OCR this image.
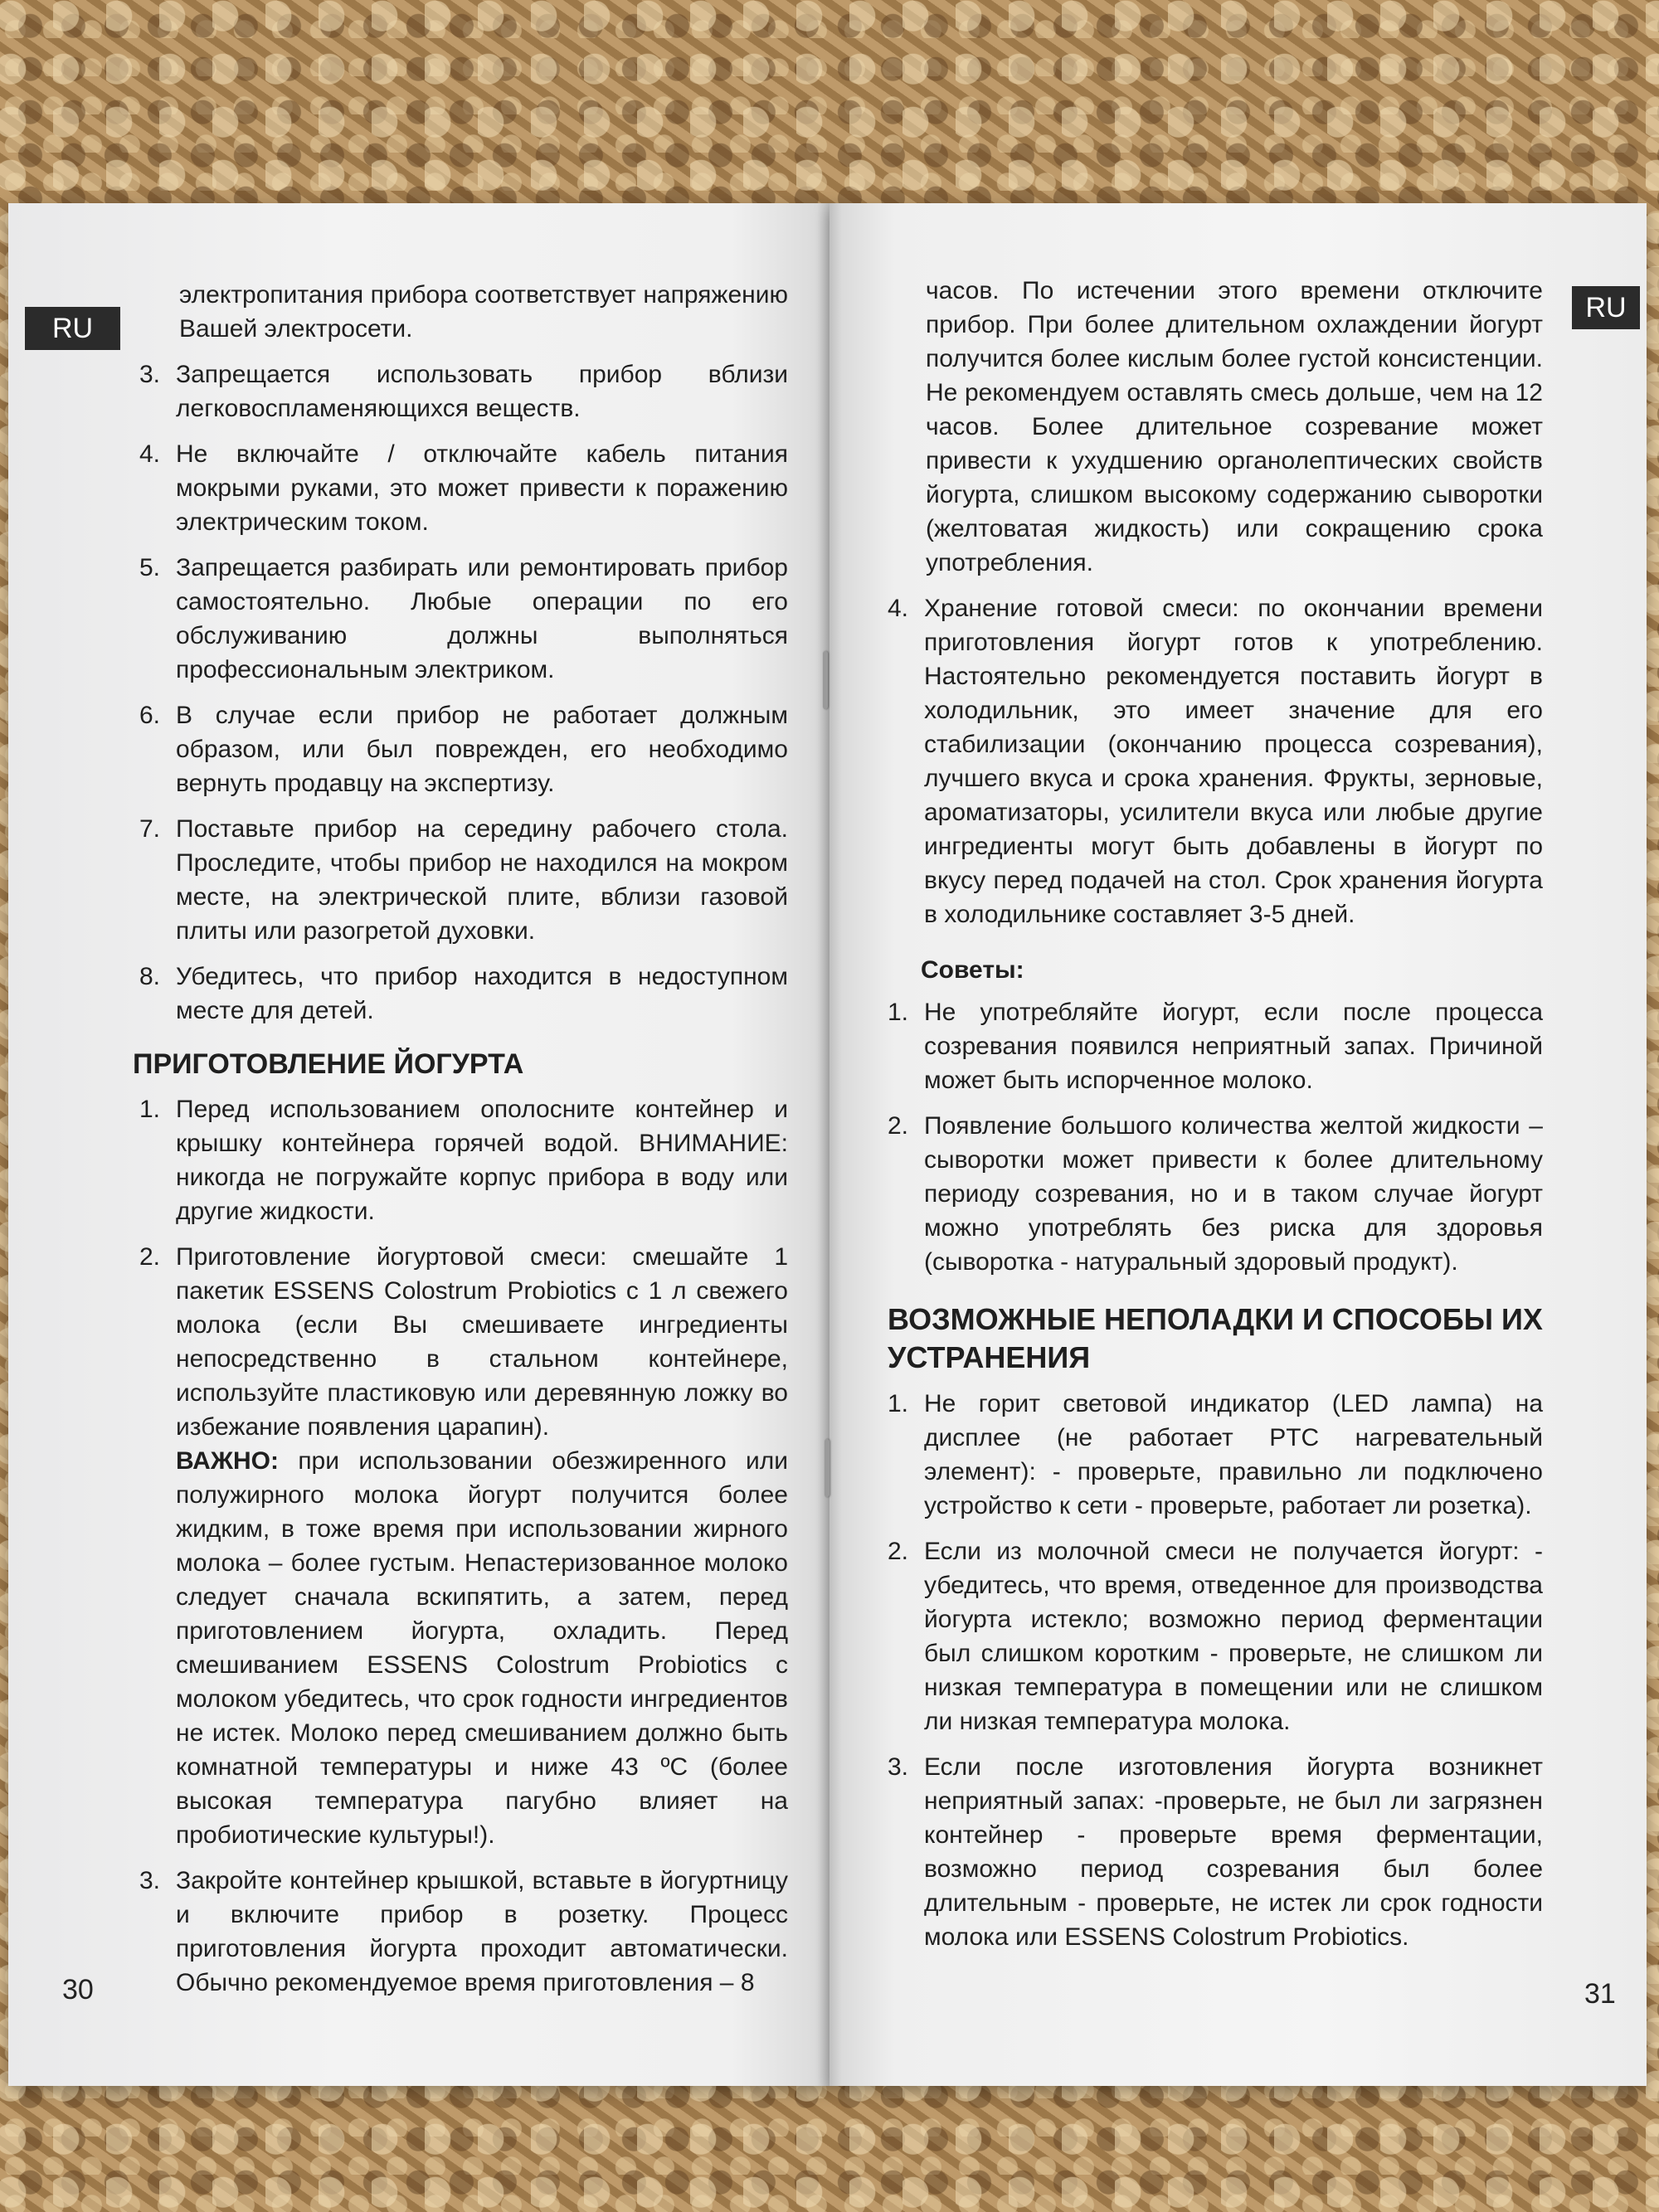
RU

электропитания прибора соответствует напряжению Вашей электросети.

3. Запрещается использовать прибор вблизи легковоспламеняющихся веществ.
4. Не включайте / отключайте кабель питания мокрыми руками, это может привести к поражению электрическим током.
5. Запрещается разбирать или ремонтировать прибор самостоятельно. Любые операции по его обслуживанию должны выполняться профессиональным электриком.
6. В случае если прибор не работает должным образом, или был поврежден, его необходимо вернуть продавцу на экспертизу.
7. Поставьте прибор на середину рабочего стола. Проследите, чтобы прибор не находился на мокром месте, на электрической плите, вблизи газовой плиты или разогретой духовки.
8. Убедитесь, что прибор находится в недоступном месте для детей.
ПРИГОТОВЛЕНИЕ ЙОГУРТА
1. Перед использованием ополосните контейнер и крышку контейнера горячей водой. ВНИМАНИЕ: никогда не погружайте корпус прибора в воду или другие жидкости.
2. Приготовление йогуртовой смеси: смешайте 1 пакетик ESSENS Colostrum Probiotics с 1 л свежего молока (если Вы смешиваете ингредиенты непосредственно в стальном контейнере, используйте пластиковую или деревянную ложку во избежание появления царапин).

ВАЖНО: при использовании обезжиренного или полужирного молока йогурт получится более жидким, в тоже время при использовании жирного молока – более густым. Непастеризованное молоко следует сначала вскипятить, а затем, перед приготовлением йогурта, охладить. Перед смешиванием ESSENS Colostrum Probiotics с молоком убедитесь, что срок годности ингредиентов не истек. Молоко перед смешиванием должно быть комнатной температуры и ниже 43 ºC (более высокая температура пагубно влияет на пробиотические культуры!).

3. Закройте контейнер крышкой, вставьте в йогуртницу и включите прибор в розетку. Процесс приготовления йогурта проходит автоматически. Обычно рекомендуемое время приготовления – 8
30
RU

часов. По истечении этого времени отключите прибор. При более длительном охлаждении йогурт получится более кислым более густой консистенции. Не рекомендуем оставлять смесь дольше, чем на 12 часов. Более длительное созревание может привести к ухудшению органолептических свойств йогурта, слишком высокому содержанию сыворотки (желтоватая жидкость) или сокращению срока употребления.

4. Хранение готовой смеси: по окончании времени приготовления йогурт готов к употреблению. Настоятельно рекомендуется поставить йогурт в холодильник, это имеет значение для его стабилизации (окончанию процесса созревания), лучшего вкуса и срока хранения. Фрукты, зерновые, ароматизаторы, усилители вкуса или любые другие ингредиенты могут быть добавлены в йогурт по вкусу перед подачей на стол. Срок хранения йогурта в холодильнике составляет 3-5 дней.
Советы:
1. Не употребляйте йогурт, если после процесса созревания появился неприятный запах. Причиной может быть испорченное молоко.
2. Появление большого количества желтой жидкости – сыворотки может привести к более длительному периоду созревания, но и в таком случае йогурт можно употреблять без риска для здоровья (сыворотка - натуральный здоровый продукт).
ВОЗМОЖНЫЕ НЕПОЛАДКИ И СПОСОБЫ ИХ УСТРАНЕНИЯ
1. Не горит световой индикатор (LED лампа) на дисплее (не работает PTC нагревательный элемент): - проверьте, правильно ли подключено устройство к сети - проверьте, работает ли розетка).
2. Если из молочной смеси не получается йогурт: - убедитесь, что время, отведенное для производства йогурта истекло; возможно период ферментации был слишком коротким - проверьте, не слишком ли низкая температура в помещении или не слишком ли низкая температура молока.
3. Если после изготовления йогурта возникнет неприятный запах: -проверьте, не был ли загрязнен контейнер - проверьте время ферментации, возможно период созревания был более длительным - проверьте, не истек ли срок годности молока или ESSENS Colostrum Probiotics.
31
